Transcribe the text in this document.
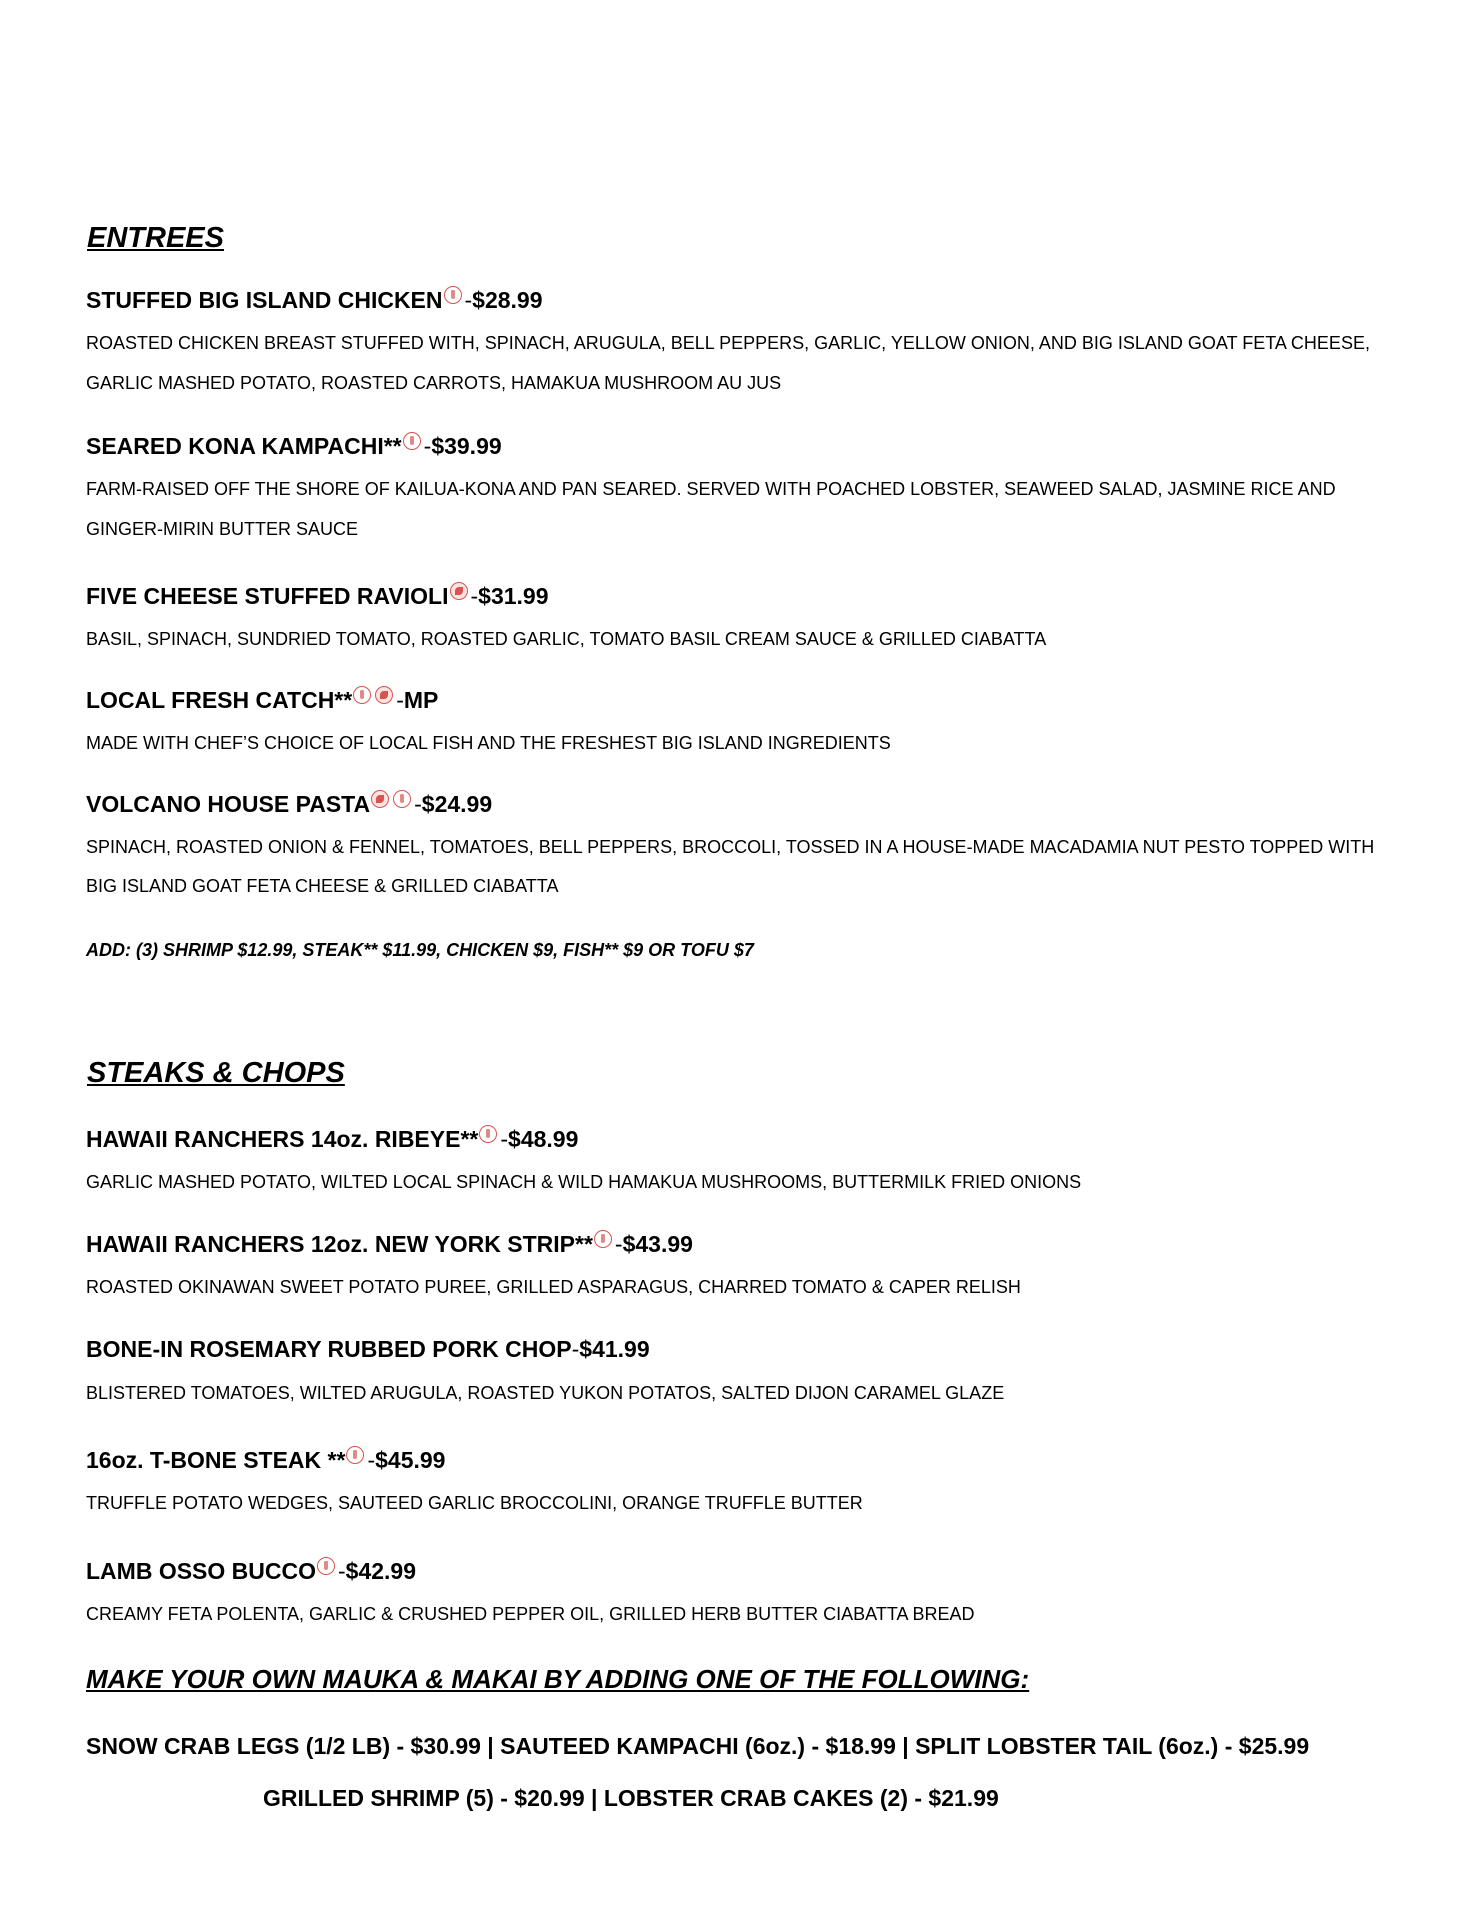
ENTREES
STUFFED BIG ISLAND CHICKEN - $28.99

ROASTED CHICKEN BREAST STUFFED WITH, SPINACH, ARUGULA, BELL PEPPERS, GARLIC, YELLOW ONION, AND BIG ISLAND GOAT FETA CHEESE,

GARLIC MASHED POTATO, ROASTED CARROTS, HAMAKUA MUSHROOM AU JUS

SEARED KONA KAMPACHI** - $39.99

FARM-RAISED OFF THE SHORE OF KAILUA-KONA AND PAN SEARED. SERVED WITH POACHED LOBSTER, SEAWEED SALAD, JASMINE RICE AND

GINGER-MIRIN BUTTER SAUCE

FIVE CHEESE STUFFED RAVIOLI - $31.99

BASIL, SPINACH, SUNDRIED TOMATO, ROASTED GARLIC, TOMATO BASIL CREAM SAUCE & GRILLED CIABATTA

LOCAL FRESH CATCH** - MP

MADE WITH CHEF’S CHOICE OF LOCAL FISH AND THE FRESHEST BIG ISLAND INGREDIENTS

VOLCANO HOUSE PASTA - $24.99

SPINACH, ROASTED ONION & FENNEL, TOMATOES, BELL PEPPERS, BROCCOLI, TOSSED IN A HOUSE-MADE MACADAMIA NUT PESTO TOPPED WITH

BIG ISLAND GOAT FETA CHEESE & GRILLED CIABATTA

ADD: (3) SHRIMP $12.99, STEAK** $11.99, CHICKEN $9, FISH** $9 OR TOFU $7

STEAKS & CHOPS
HAWAII RANCHERS 14oz. RIBEYE** - $48.99

GARLIC MASHED POTATO, WILTED LOCAL SPINACH & WILD HAMAKUA MUSHROOMS, BUTTERMILK FRIED ONIONS

HAWAII RANCHERS 12oz. NEW YORK STRIP** - $43.99

ROASTED OKINAWAN SWEET POTATO PUREE, GRILLED ASPARAGUS, CHARRED TOMATO & CAPER RELISH

BONE-IN ROSEMARY RUBBED PORK CHOP - $41.99

BLISTERED TOMATOES, WILTED ARUGULA, ROASTED YUKON POTATOS, SALTED DIJON CARAMEL GLAZE

16oz. T-BONE STEAK ** - $45.99

TRUFFLE POTATO WEDGES, SAUTEED GARLIC BROCCOLINI, ORANGE TRUFFLE BUTTER

LAMB OSSO BUCCO - $42.99

CREAMY FETA POLENTA, GARLIC & CRUSHED PEPPER OIL, GRILLED HERB BUTTER CIABATTA BREAD

MAKE YOUR OWN MAUKA & MAKAI BY ADDING ONE OF THE FOLLOWING:

SNOW CRAB LEGS (1/2 LB) - $30.99 | SAUTEED KAMPACHI (6oz.) - $18.99 | SPLIT LOBSTER TAIL (6oz.) - $25.99

GRILLED SHRIMP (5) - $20.99 | LOBSTER CRAB CAKES (2) - $21.99
